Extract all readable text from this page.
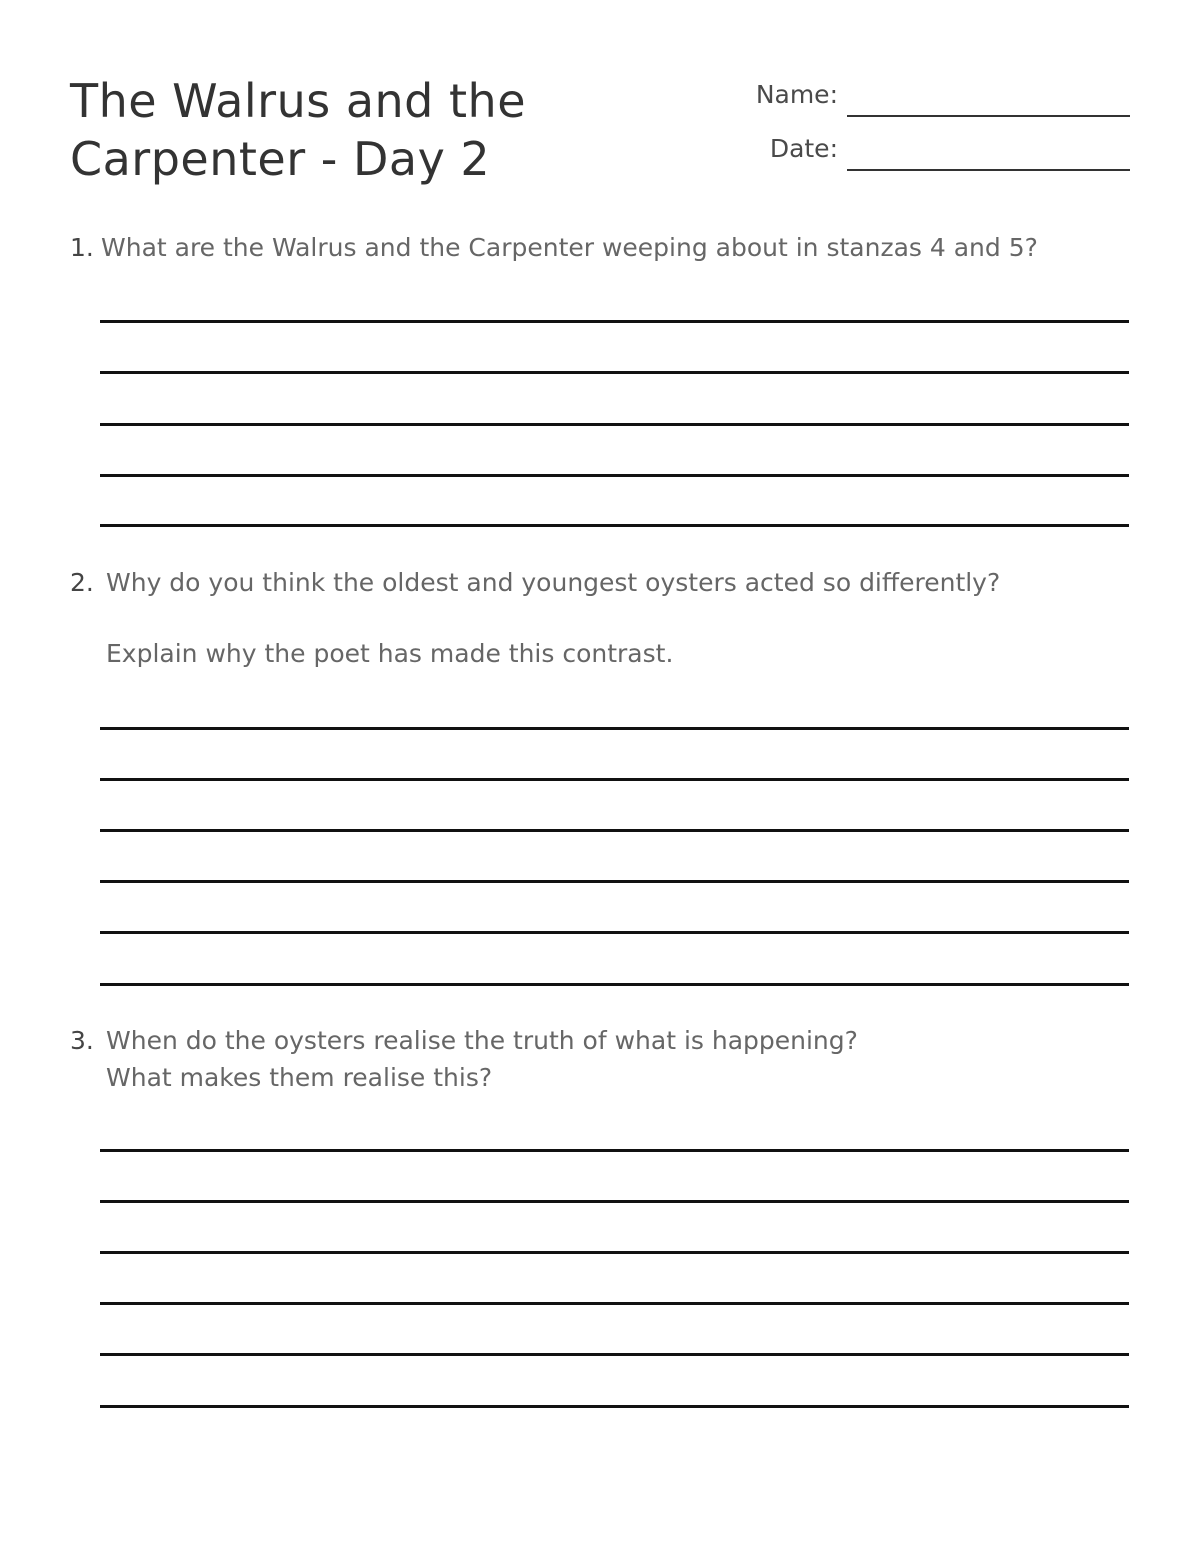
The Walrus and the
Carpenter - Day 2
Name:
Date:
1. What are the Walrus and the Carpenter weeping about in stanzas 4 and 5?
2. Why do you think the oldest and youngest oysters acted so differently?
Explain why the poet has made this contrast.
3. When do the oysters realise the truth of what is happening?
What makes them realise this?
